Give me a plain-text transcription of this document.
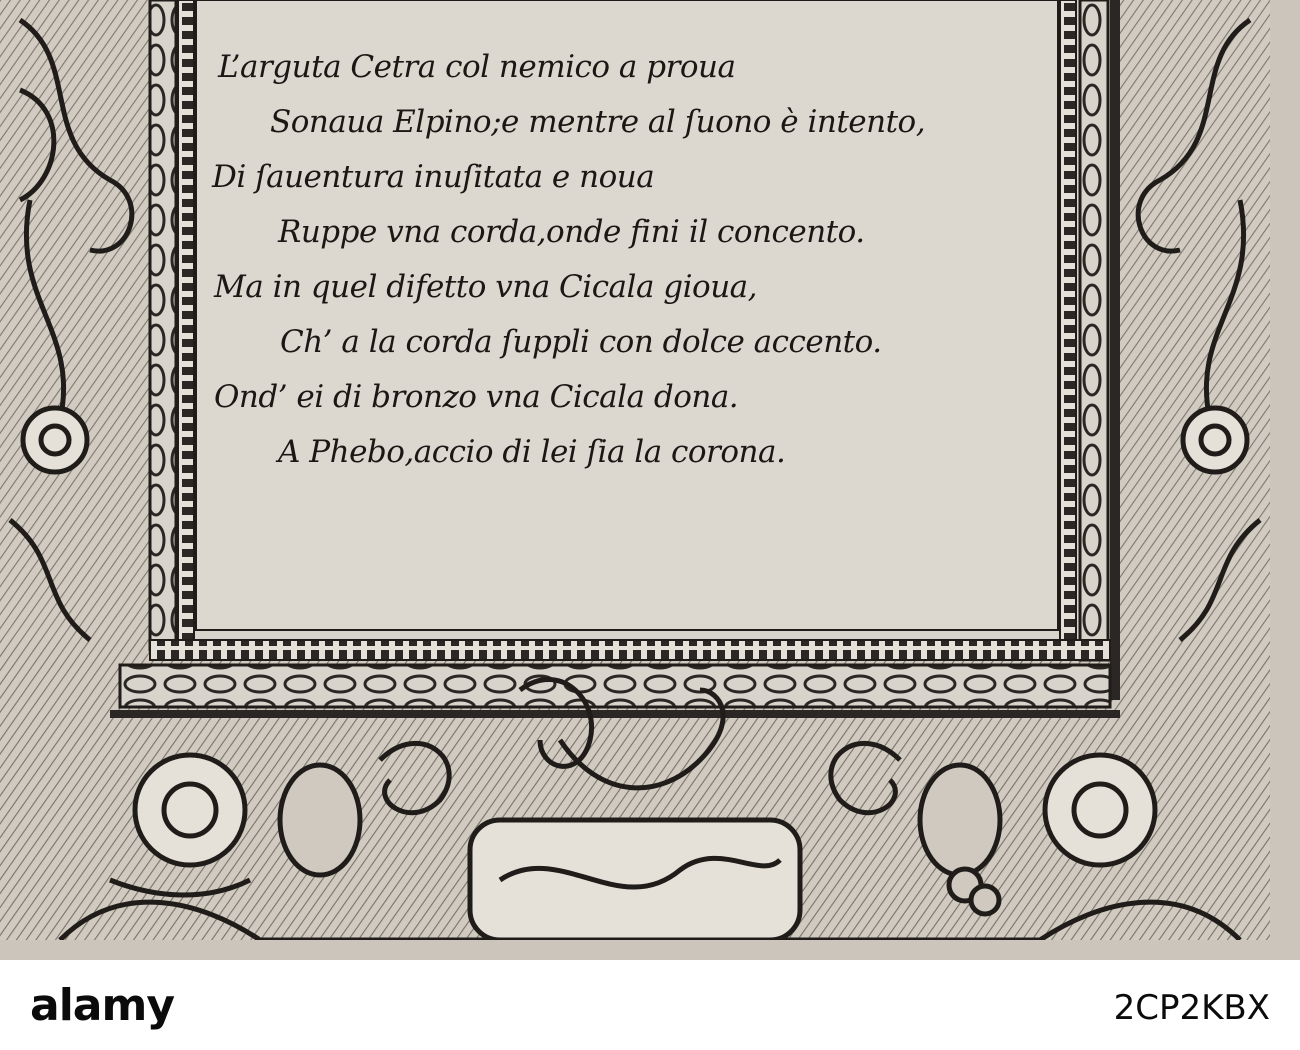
L’arguta Cetra col nemico a proua
Sonaua Elpino;e mentre al ſuono è intento,
Di ſauentura inuſitata e noua
Ruppe vna corda,onde fini il concento.
Ma in quel difetto vna Cicala gioua,
Ch’ a la corda ſuppli con dolce accento.
Ond’ ei di bronzo vna Cicala dona.
A Phebo,accio di lei ſia la corona.
alamy	2CP2KBX
